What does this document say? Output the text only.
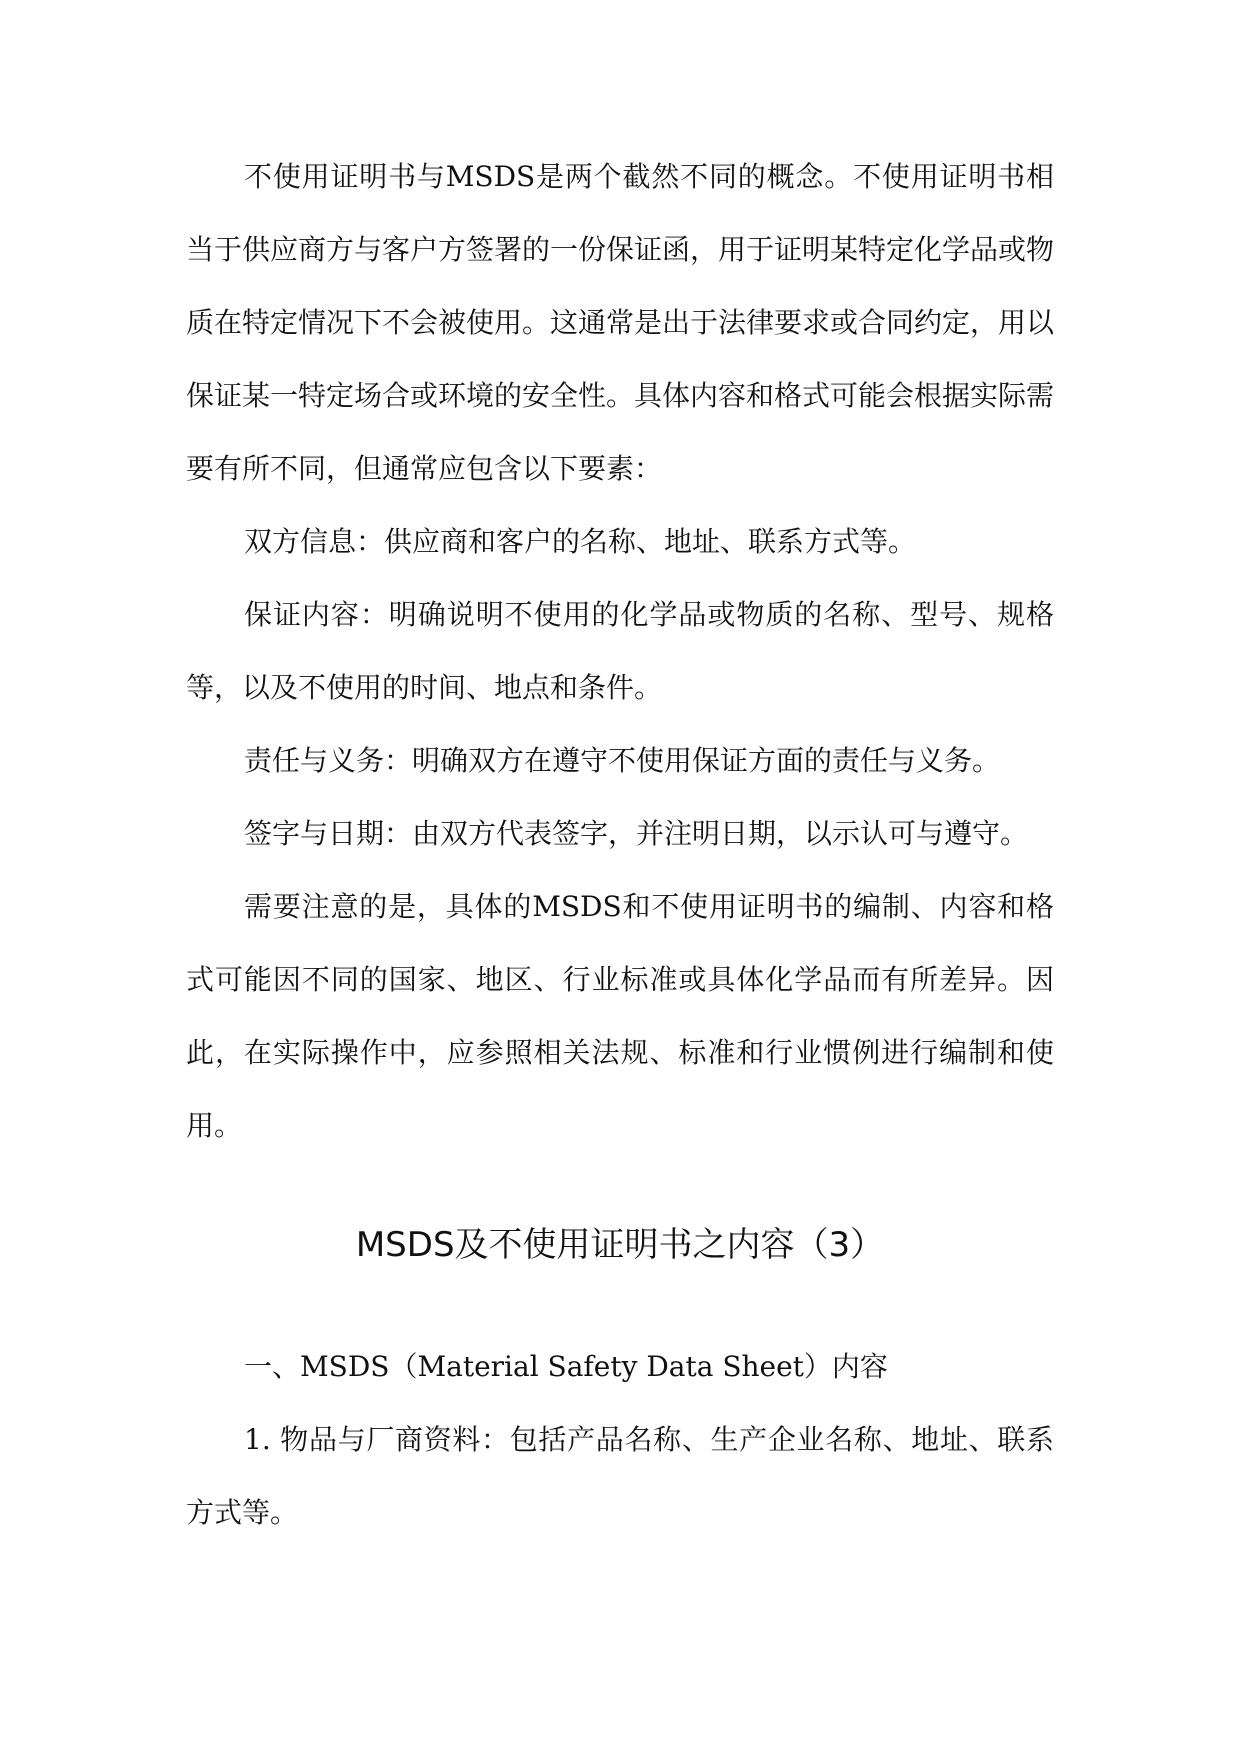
不使用证明书与MSDS是两个截然不同的概念。不使用证明书相当于供应商方与客户方签署的一份保证函，用于证明某特定化学品或物质在特定情况下不会被使用。这通常是出于法律要求或合同约定，用以保证某一特定场合或环境的安全性。具体内容和格式可能会根据实际需要有所不同，但通常应包含以下要素：

双方信息：供应商和客户的名称、地址、联系方式等。

保证内容：明确说明不使用的化学品或物质的名称、型号、规格等，以及不使用的时间、地点和条件。

责任与义务：明确双方在遵守不使用保证方面的责任与义务。

签字与日期：由双方代表签字，并注明日期，以示认可与遵守。

需要注意的是，具体的MSDS和不使用证明书的编制、内容和格式可能因不同的国家、地区、行业标准或具体化学品而有所差异。因此，在实际操作中，应参照相关法规、标准和行业惯例进行编制和使用。

MSDS及不使用证明书之内容（3）

一、MSDS（Material Safety Data Sheet）内容

1. 物品与厂商资料：包括产品名称、生产企业名称、地址、联系方式等。
